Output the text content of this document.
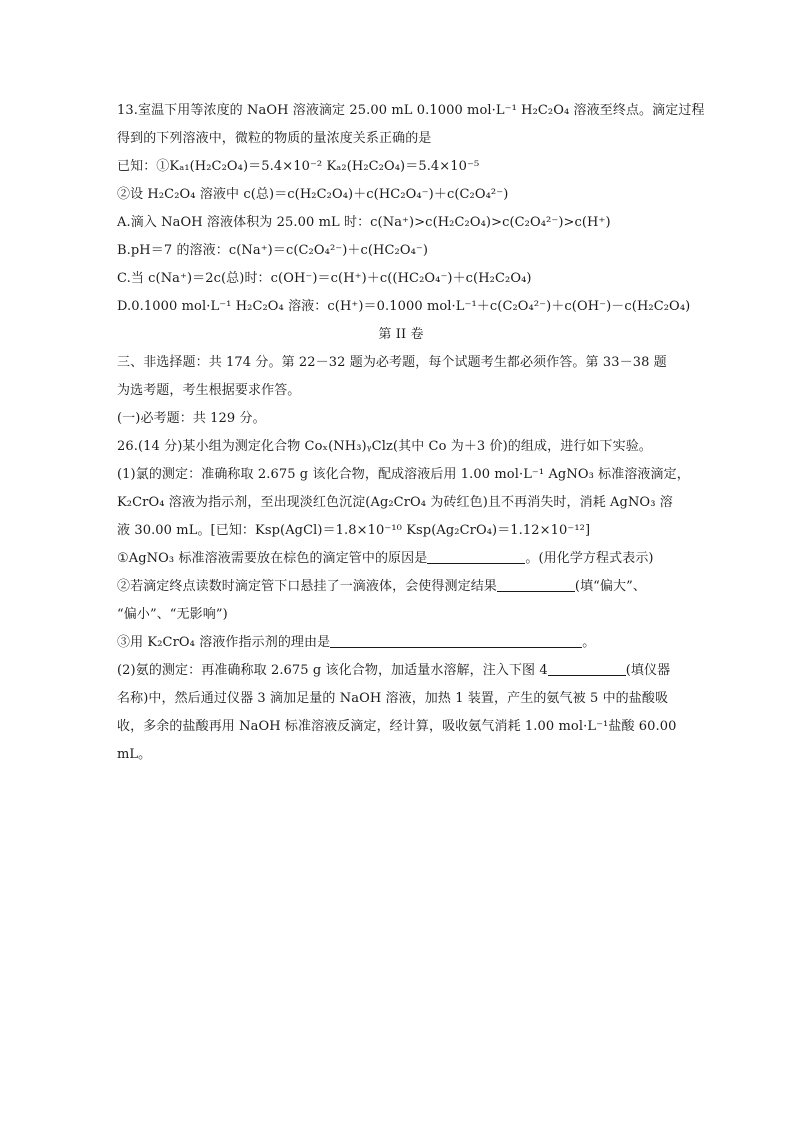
13.室温下用等浓度的 NaOH 溶液滴定 25.00 mL 0.1000 mol·L⁻¹ H₂C₂O₄ 溶液至终点。滴定过程
得到的下列溶液中，微粒的物质的量浓度关系正确的是
已知：①Kₐ₁(H₂C₂O₄)＝5.4×10⁻² Kₐ₂(H₂C₂O₄)＝5.4×10⁻⁵
②设 H₂C₂O₄ 溶液中 c(总)＝c(H₂C₂O₄)＋c(HC₂O₄⁻)＋c(C₂O₄²⁻)
A.滴入 NaOH 溶液体积为 25.00 mL 时：c(Na⁺)>c(H₂C₂O₄)>c(C₂O₄²⁻)>c(H⁺)
B.pH＝7 的溶液：c(Na⁺)＝c(C₂O₄²⁻)＋c(HC₂O₄⁻)
C.当 c(Na⁺)＝2c(总)时：c(OH⁻)＝c(H⁺)＋c((HC₂O₄⁻)＋c(H₂C₂O₄)
D.0.1000 mol·L⁻¹ H₂C₂O₄ 溶液：c(H⁺)＝0.1000 mol·L⁻¹＋c(C₂O₄²⁻)＋c(OH⁻)－c(H₂C₂O₄)
第 II 卷
三、非选择题：共 174 分。第 22－32 题为必考题，每个试题考生都必须作答。第 33－38 题
为选考题，考生根据要求作答。
(一)必考题：共 129 分。
26.(14 分)某小组为测定化合物 Coₓ(NH₃)ᵧClz(其中 Co 为＋3 价)的组成，进行如下实验。
(1)氯的测定：准确称取 2.675 g 该化合物，配成溶液后用 1.00 mol·L⁻¹ AgNO₃ 标准溶液滴定，
K₂CrO₄ 溶液为指示剂，至出现淡红色沉淀(Ag₂CrO₄ 为砖红色)且不再消失时，消耗 AgNO₃ 溶
液 30.00 mL。[已知：Ksp(AgCl)＝1.8×10⁻¹⁰ Ksp(Ag₂CrO₄)＝1.12×10⁻¹²]
①AgNO₃ 标准溶液需要放在棕色的滴定管中的原因是	。(用化学方程式表示)
②若滴定终点读数时滴定管下口悬挂了一滴液体，会使得测定结果	(填“偏大”、
“偏小”、“无影响”)
③用 K₂CrO₄ 溶液作指示剂的理由是	。
(2)氨的测定：再准确称取 2.675 g 该化合物，加适量水溶解，注入下图 4	(填仪器
名称)中，然后通过仪器 3 滴加足量的 NaOH 溶液，加热 1 装置，产生的氨气被 5 中的盐酸吸
收，多余的盐酸再用 NaOH 标准溶液反滴定，经计算，吸收氨气消耗 1.00 mol·L⁻¹盐酸 60.00
mL。
